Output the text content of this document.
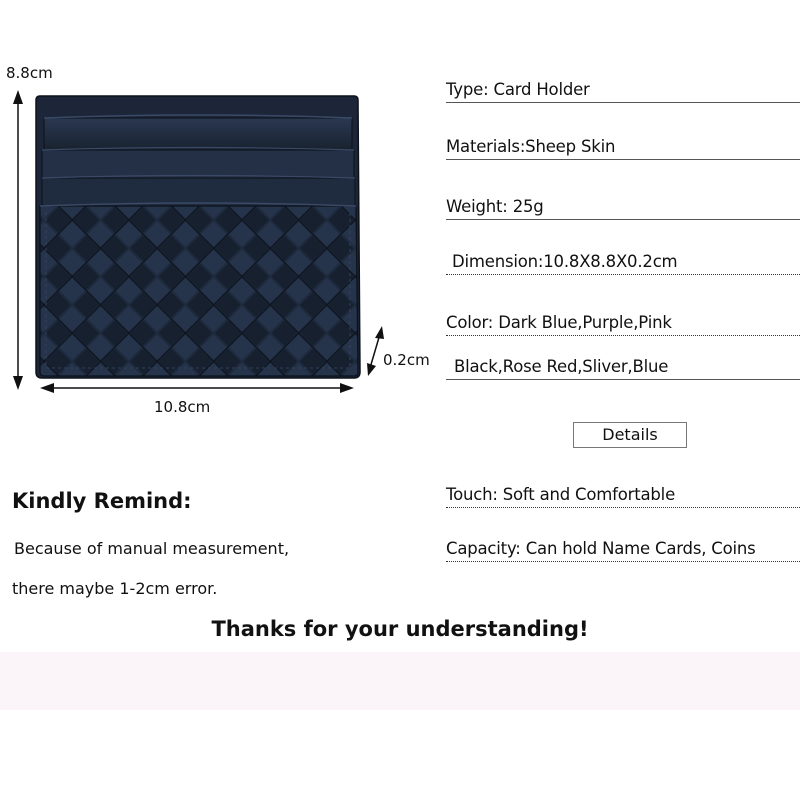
8.8cm
10.8cm
0.2cm
Type: Card Holder
Materials:Sheep Skin
Weight: 25g
Dimension:10.8X8.8X0.2cm
Color: Dark Blue,Purple,Pink
Black,Rose Red,Sliver,Blue
Details
Touch: Soft and Comfortable
Capacity: Can hold Name Cards, Coins
Kindly Remind:
Because of manual measurement,
there maybe 1-2cm error.
Thanks for your understanding!
